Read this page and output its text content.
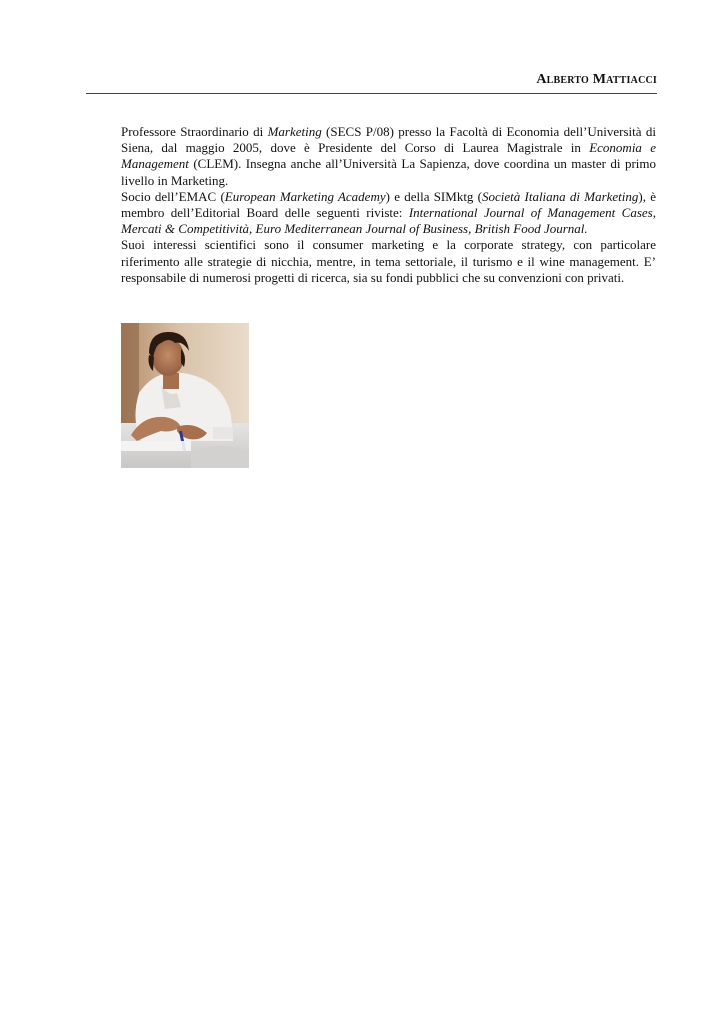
Alberto Mattiacci

Professore Straordinario di Marketing (SECS P/08) presso la Facoltà di Economia dell’Università di Siena, dal maggio 2005, dove è Presidente del Corso di Laurea Magistrale in Economia e Management (CLEM). Insegna anche all’Università La Sapienza, dove coordina un master di primo livello in Marketing.

Socio dell’EMAC (European Marketing Academy) e della SIMktg (Società Italiana di Marketing), è membro dell’Editorial Board delle seguenti riviste: International Journal of Management Cases, Mercati & Competitività, Euro Mediterranean Journal of Business, British Food Journal.

Suoi interessi scientifici sono il consumer marketing e la corporate strategy, con particolare riferimento alle strategie di nicchia, mentre, in tema settoriale, il turismo e il wine management. E’ responsabile di numerosi progetti di ricerca, sia su fondi pubblici che su convenzioni con privati.
